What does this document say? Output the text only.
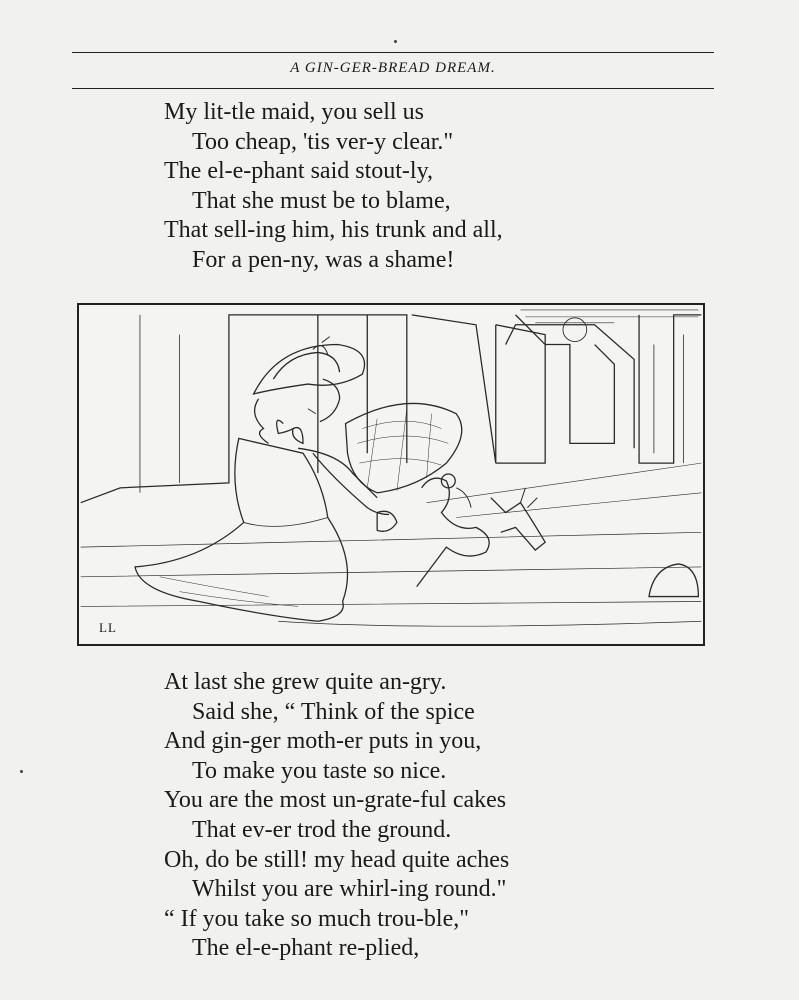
A GIN-GER-BREAD DREAM.
My lit-tle maid, you sell us
Too cheap, 'tis ver-y clear."
The el-e-phant said stout-ly,
That she must be to blame,
That sell-ing him, his trunk and all,
For a pen-ny, was a shame!
LL
At last she grew quite an-gry.
Said she, “ Think of the spice
And gin-ger moth-er puts in you,
To make you taste so nice.
You are the most un-grate-ful cakes
That ev-er trod the ground.
Oh, do be still! my head quite aches
Whilst you are whirl-ing round."
“ If you take so much trou-ble,"
The el-e-phant re-plied,
